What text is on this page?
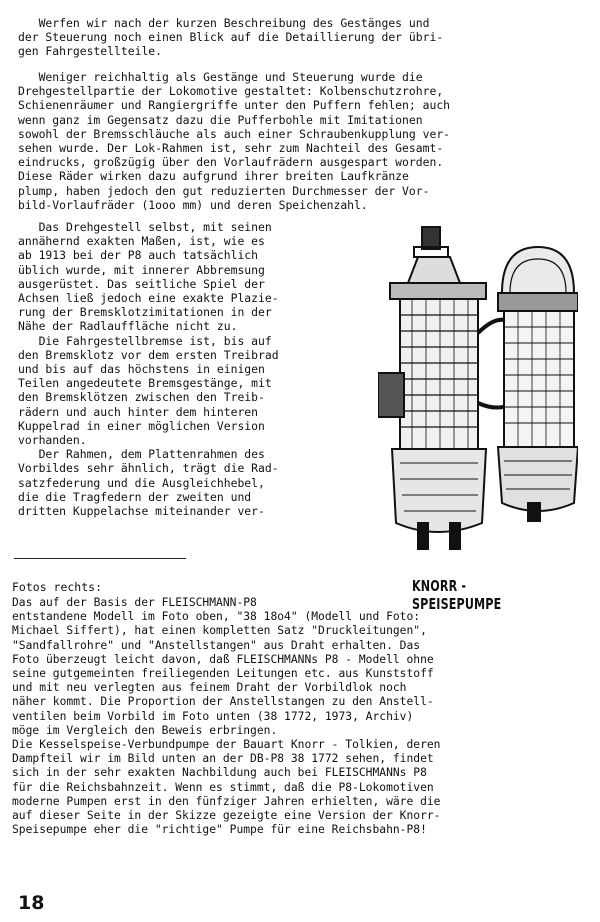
Werfen wir nach der kurzen Beschreibung des Gestänges und
der Steuerung noch einen Blick auf die Detaillierung der übri-
gen Fahrgestellteile.
Weniger reichhaltig als Gestänge und Steuerung wurde die
Drehgestellpartie der Lokomotive gestaltet: Kolbenschutzrohre,
Schienenräumer und Rangiergriffe unter den Puffern fehlen; auch
wenn ganz im Gegensatz dazu die Pufferbohle mit Imitationen
sowohl der Bremsschläuche als auch einer Schraubenkupplung ver-
sehen wurde. Der Lok-Rahmen ist, sehr zum Nachteil des Gesamt-
eindrucks, großzügig über den Vorlaufrädern ausgespart worden.
Diese Räder wirken dazu aufgrund ihrer breiten Laufkränze
plump, haben jedoch den gut reduzierten Durchmesser der Vor-
bild-Vorlaufräder (1ooo mm) und deren Speichenzahl.
Das Drehgestell selbst, mit seinen
annähernd exakten Maßen, ist, wie es
ab 1913 bei der P8 auch tatsächlich
üblich wurde, mit innerer Abbremsung
ausgerüstet. Das seitliche Spiel der
Achsen ließ jedoch eine exakte Plazie-
rung der Bremsklotzimitationen in der
Nähe der Radlauffläche nicht zu.
Die Fahrgestellbremse ist, bis auf
den Bremsklotz vor dem ersten Treibrad
und bis auf das höchstens in einigen
Teilen angedeutete Bremsgestänge, mit
den Bremsklötzen zwischen den Treib-
rädern und auch hinter dem hinteren
Kuppelrad in einer möglichen Version
vorhanden.
Der Rahmen, dem Plattenrahmen des
Vorbildes sehr ähnlich, trägt die Rad-
satzfederung und die Ausgleichhebel,
die die Tragfedern der zweiten und
dritten Kuppelachse miteinander ver-
Fotos rechts:	KNORR - SPEISEPUMPE
Das auf der Basis der FLEISCHMANN-P8
entstandene Modell im Foto oben, "38 18o4" (Modell und Foto:
Michael Siffert), hat einen kompletten Satz "Druckleitungen",
"Sandfallrohre" und "Anstellstangen" aus Draht erhalten. Das
Foto überzeugt leicht davon, daß FLEISCHMANNs P8 - Modell ohne
seine gutgemeinten freiliegenden Leitungen etc. aus Kunststoff
und mit neu verlegten aus feinem Draht der Vorbildlok noch
näher kommt. Die Proportion der Anstellstangen zu den Anstell-
ventilen beim Vorbild im Foto unten (38 1772, 1973, Archiv)
möge im Vergleich den Beweis erbringen.
Die Kesselspeise-Verbundpumpe der Bauart Knorr - Tolkien, deren
Dampfteil wir im Bild unten an der DB-P8 38 1772 sehen, findet
sich in der sehr exakten Nachbildung auch bei FLEISCHMANNs P8
für die Reichsbahnzeit. Wenn es stimmt, daß die P8-Lokomotiven
moderne Pumpen erst in den fünfziger Jahren erhielten, wäre die
auf dieser Seite in der Skizze gezeigte eine Version der Knorr-
Speisepumpe eher die "richtige" Pumpe für eine Reichsbahn-P8!
18
